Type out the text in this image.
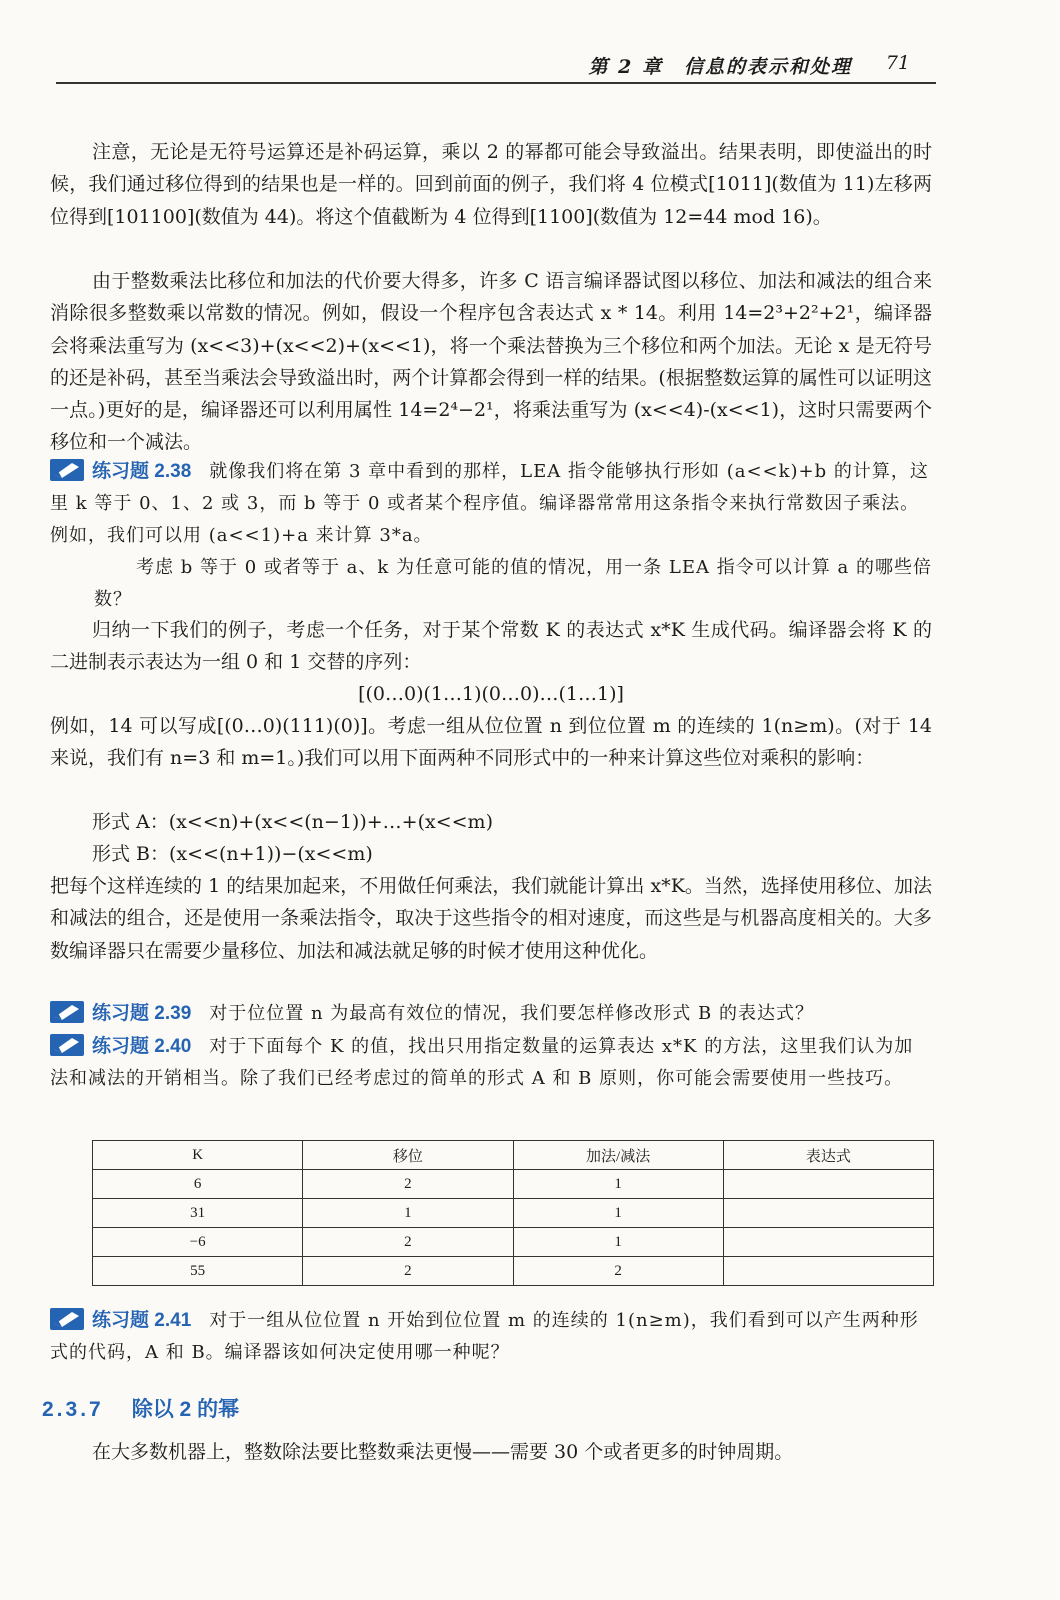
第 2 章　信息的表示和处理 71

注意，无论是无符号运算还是补码运算，乘以 2 的幂都可能会导致溢出。结果表明，即使溢出的时候，我们通过移位得到的结果也是一样的。回到前面的例子，我们将 4 位模式[1011](数值为 11)左移两位得到[101100](数值为 44)。将这个值截断为 4 位得到[1100](数值为 12=44 mod 16)。

由于整数乘法比移位和加法的代价要大得多，许多 C 语言编译器试图以移位、加法和减法的组合来消除很多整数乘以常数的情况。例如，假设一个程序包含表达式 x * 14。利用 14=2³+2²+2¹，编译器会将乘法重写为 (x<<3)+(x<<2)+(x<<1)，将一个乘法替换为三个移位和两个加法。无论 x 是无符号的还是补码，甚至当乘法会导致溢出时，两个计算都会得到一样的结果。(根据整数运算的属性可以证明这一点。)更好的是，编译器还可以利用属性 14=2⁴−2¹，将乘法重写为 (x<<4)-(x<<1)，这时只需要两个移位和一个减法。

练习题 2.38 就像我们将在第 3 章中看到的那样，LEA 指令能够执行形如 (a<<k)+b 的计算，这里 k 等于 0、1、2 或 3，而 b 等于 0 或者某个程序值。编译器常常用这条指令来执行常数因子乘法。例如，我们可以用 (a<<1)+a 来计算 3*a。
考虑 b 等于 0 或者等于 a、k 为任意可能的值的情况，用一条 LEA 指令可以计算 a 的哪些倍数？

归纳一下我们的例子，考虑一个任务，对于某个常数 K 的表达式 x*K 生成代码。编译器会将 K 的二进制表示表达为一组 0 和 1 交替的序列：

[(0…0)(1…1)(0…0)…(1…1)]

例如，14 可以写成[(0…0)(111)(0)]。考虑一组从位位置 n 到位位置 m 的连续的 1(n≥m)。(对于 14 来说，我们有 n=3 和 m=1。)我们可以用下面两种不同形式中的一种来计算这些位对乘积的影响：

形式 A：(x<<n)+(x<<(n−1))+…+(x<<m)

形式 B：(x<<(n+1))−(x<<m)

把每个这样连续的 1 的结果加起来，不用做任何乘法，我们就能计算出 x*K。当然，选择使用移位、加法和减法的组合，还是使用一条乘法指令，取决于这些指令的相对速度，而这些是与机器高度相关的。大多数编译器只在需要少量移位、加法和减法就足够的时候才使用这种优化。

练习题 2.39 对于位位置 n 为最高有效位的情况，我们要怎样修改形式 B 的表达式？
练习题 2.40 对于下面每个 K 的值，找出只用指定数量的运算表达 x*K 的方法，这里我们认为加法和减法的开销相当。除了我们已经考虑过的简单的形式 A 和 B 原则，你可能会需要使用一些技巧。
K	移位	加法/减法	表达式
6	2	1	
31	1	1	
−6	2	1	
55	2	2	
练习题 2.41 对于一组从位位置 n 开始到位位置 m 的连续的 1(n≥m)，我们看到可以产生两种形式的代码，A 和 B。编译器该如何决定使用哪一种呢？
2.3.7 除以 2 的幂

在大多数机器上，整数除法要比整数乘法更慢——需要 30 个或者更多的时钟周期。
